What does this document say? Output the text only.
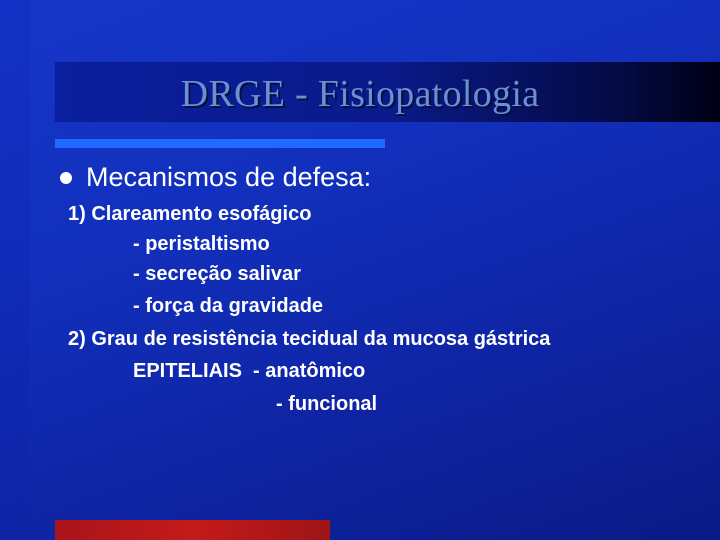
DRGE - Fisiopatologia
Mecanismos de defesa:
1) Clareamento esofágico
- peristaltismo
- secreção salivar
- força da gravidade
2) Grau de resistência tecidual da mucosa gástrica
EPITELIAIS  - anatômico
- funcional
